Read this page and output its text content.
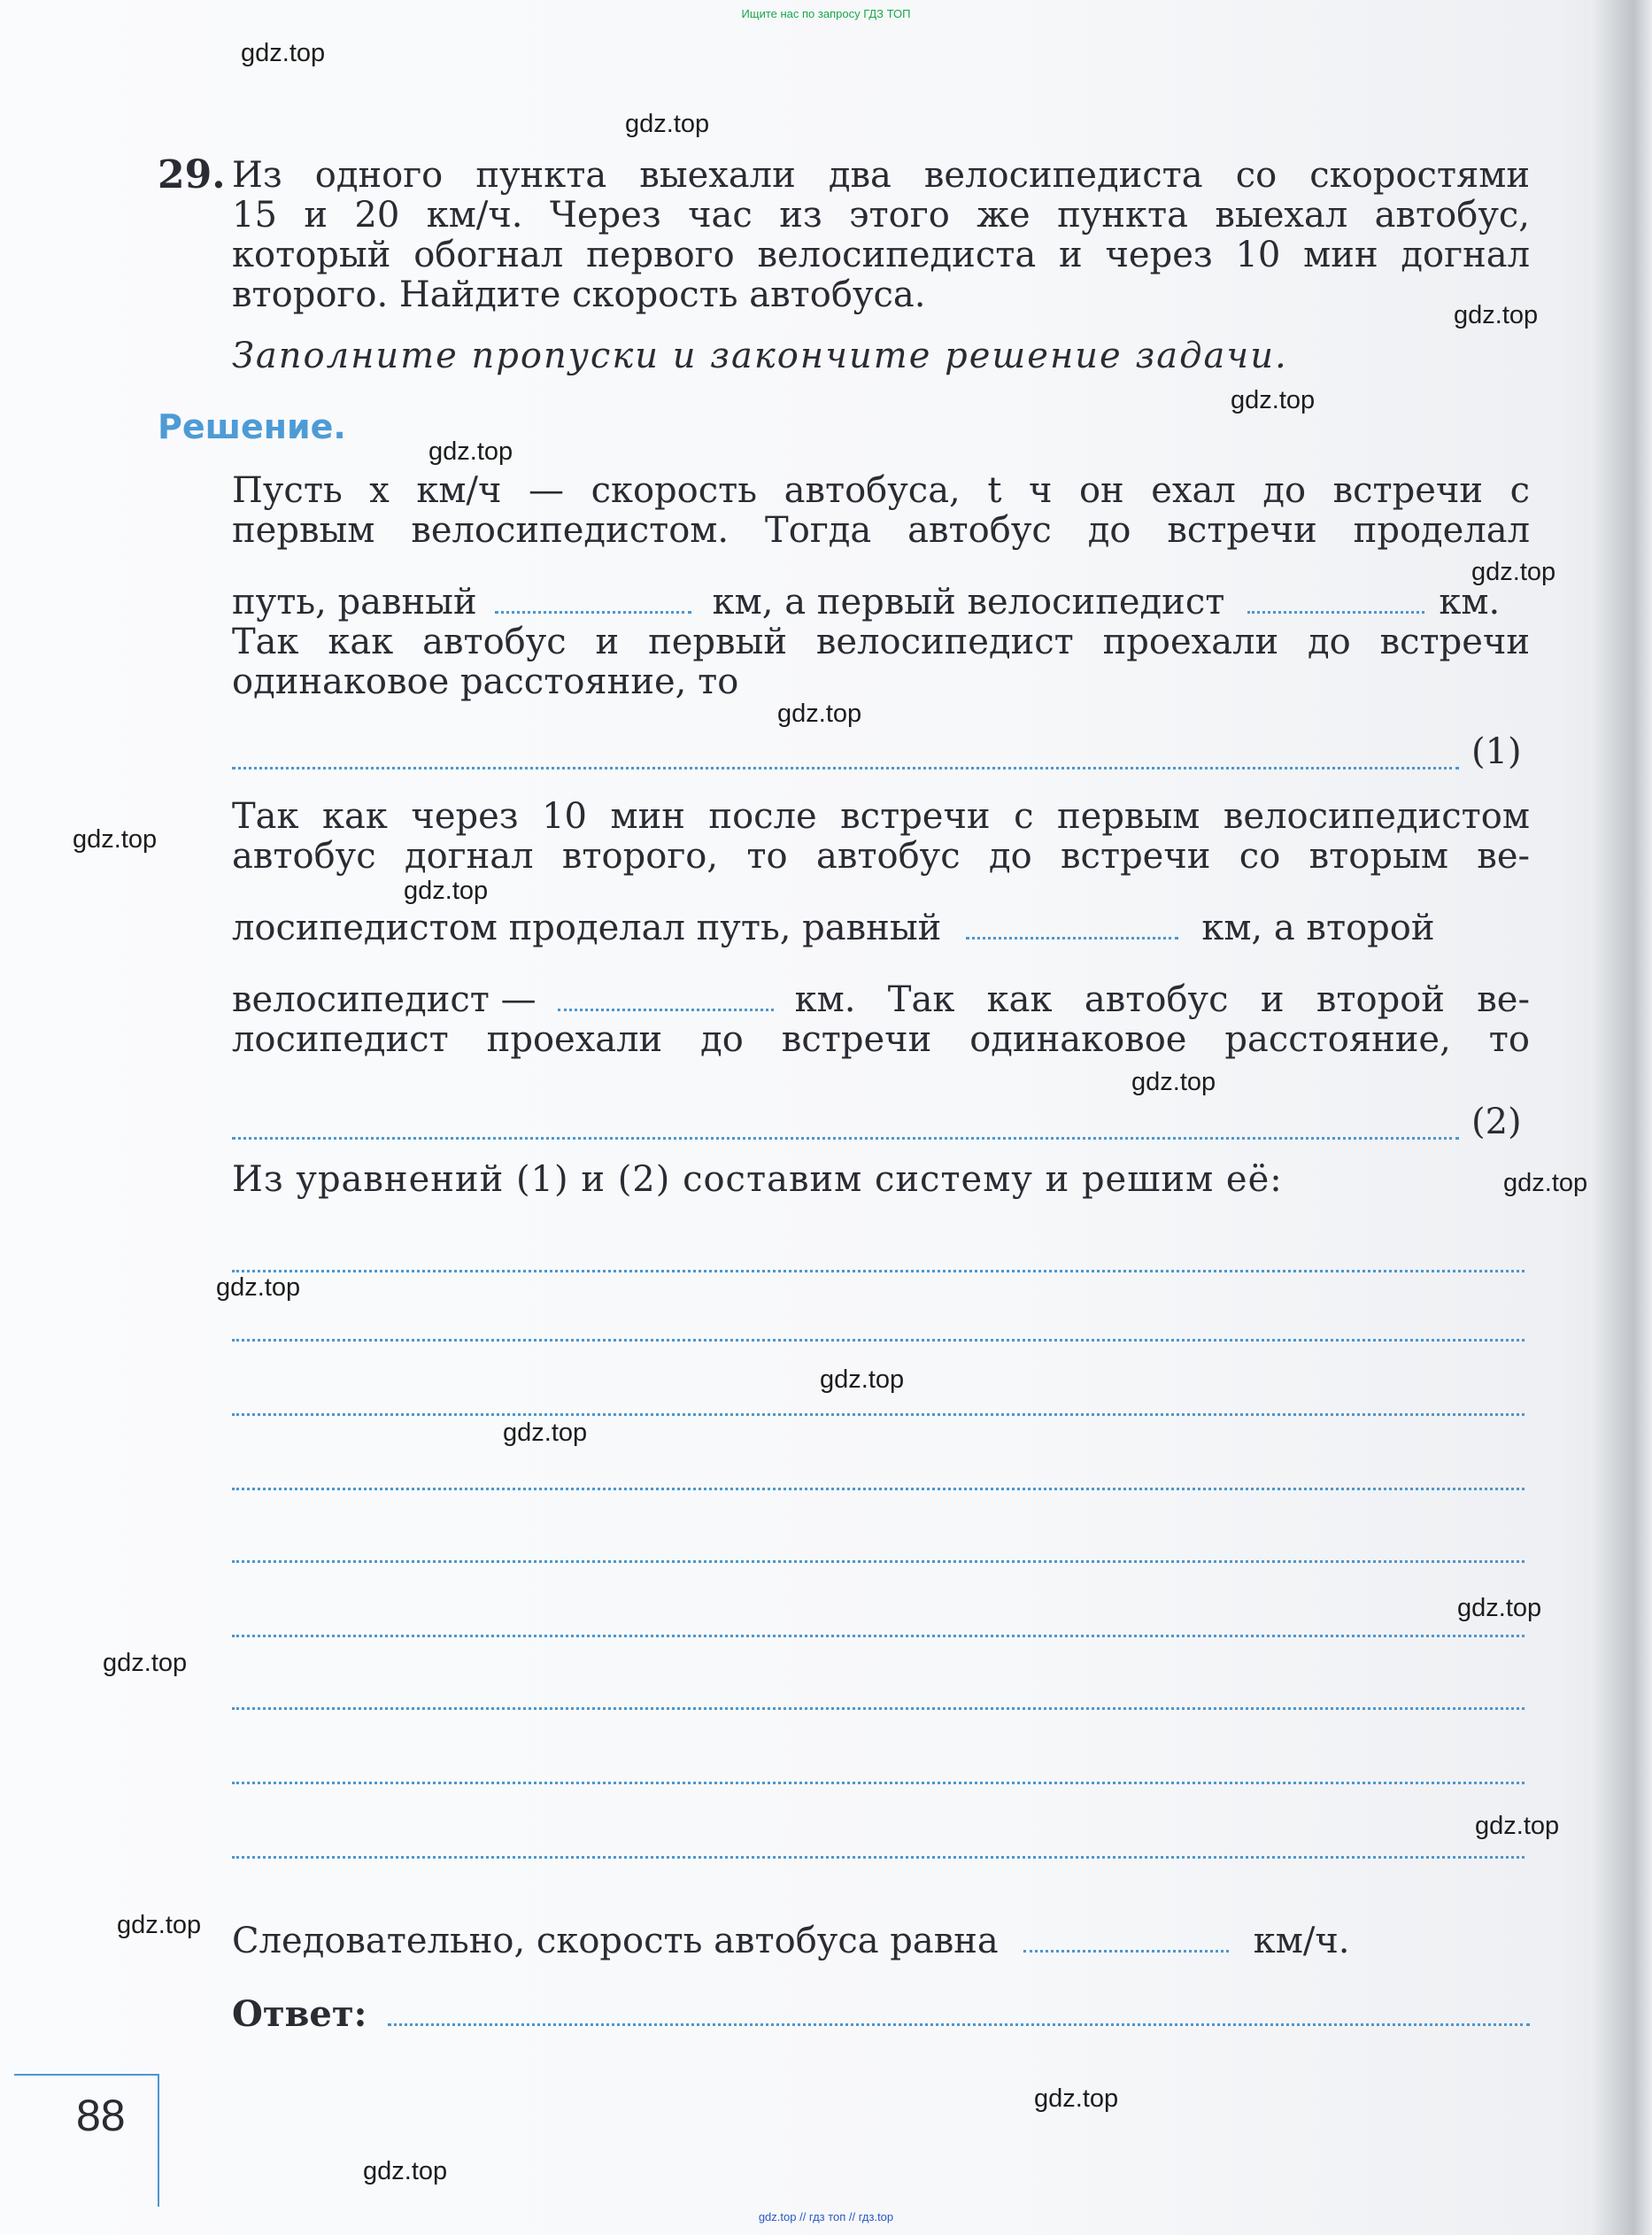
Ищите нас по запросу ГДЗ ТОП
gdz.top
gdz.top
gdz.top
gdz.top
gdz.top
gdz.top
gdz.top
gdz.top
gdz.top
gdz.top
gdz.top
gdz.top
gdz.top
gdz.top
gdz.top
gdz.top
gdz.top
gdz.top
gdz.top
gdz.top
29. Из одного пункта выехали два велосипедиста со скоростями
15 и 20 км/ч. Через час из этого же пункта выехал автобус,
который обогнал первого велосипедиста и через 10 мин догнал
второго. Найдите скорость автобуса.
Заполните пропуски и закончите решение задачи.
Решение.
Пусть x км/ч — скорость автобуса, t ч он ехал до встречи с
первым велосипедистом. Тогда автобус до встречи проделал
путь, равный	км, а первый велосипедист	км.
Так как автобус и первый велосипедист проехали до встречи
одинаковое расстояние, то
(1)
Так как через 10 мин после встречи с первым велосипедистом
автобус догнал второго, то автобус до встречи со вторым ве-
лосипедистом проделал путь, равный	км, а второй
велосипедист —	км. Так как автобус и второй ве-
лосипедист проехали до встречи одинаковое расстояние, то
(2)
Из уравнений (1) и (2) составим систему и решим её:
Следовательно, скорость автобуса равна	км/ч.
Ответ:
88
gdz.top // гдз топ // гдз.top
